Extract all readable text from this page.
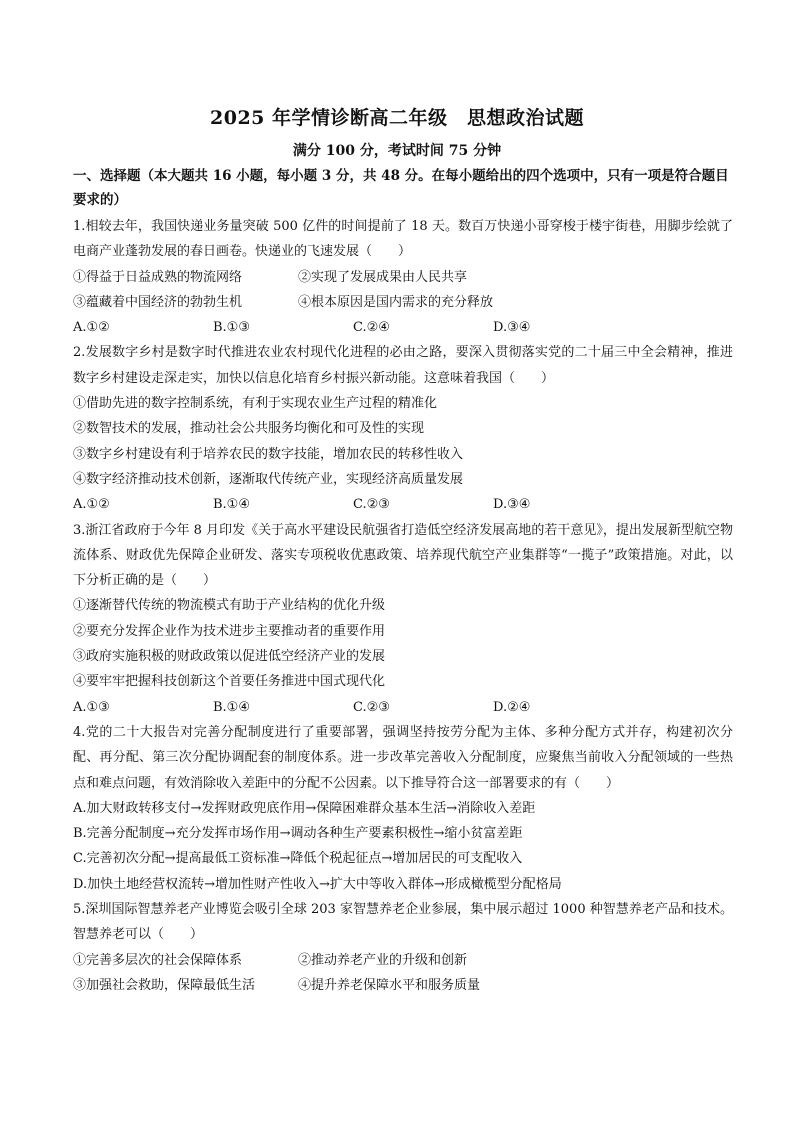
2025 年学情诊断高二年级　思想政治试题
满分 100 分，考试时间 75 分钟
一、选择题（本大题共 16 小题，每小题 3 分，共 48 分。在每小题给出的四个选项中，只有一项是符合题目要求的）
1.相较去年，我国快递业务量突破 500 亿件的时间提前了 18 天。数百万快递小哥穿梭于楼宇街巷，用脚步绘就了电商产业蓬勃发展的春日画卷。快递业的飞速发展（　　）
①得益于日益成熟的物流网络	②实现了发展成果由人民共享
③蕴藏着中国经济的勃勃生机	④根本原因是国内需求的充分释放
A.①②	B.①③	C.②④	D.③④
2.发展数字乡村是数字时代推进农业农村现代化进程的必由之路，要深入贯彻落实党的二十届三中全会精神，推进数字乡村建设走深走实，加快以信息化培育乡村振兴新动能。这意味着我国（　　）
①借助先进的数字控制系统，有利于实现农业生产过程的精准化
②数智技术的发展，推动社会公共服务均衡化和可及性的实现
③数字乡村建设有利于培养农民的数字技能，增加农民的转移性收入
④数字经济推动技术创新，逐渐取代传统产业，实现经济高质量发展
A.①②	B.①④	C.②③	D.③④
3.浙江省政府于今年 8 月印发《关于高水平建设民航强省打造低空经济发展高地的若干意见》，提出发展新型航空物流体系、财政优先保障企业研发、落实专项税收优惠政策、培养现代航空产业集群等“一揽子”政策措施。对此，以下分析正确的是（　　）
①逐渐替代传统的物流模式有助于产业结构的优化升级
②要充分发挥企业作为技术进步主要推动者的重要作用
③政府实施积极的财政政策以促进低空经济产业的发展
④要牢牢把握科技创新这个首要任务推进中国式现代化
A.①③	B.①④	C.②③	D.②④
4.党的二十大报告对完善分配制度进行了重要部署，强调坚持按劳分配为主体、多种分配方式并存，构建初次分配、再分配、第三次分配协调配套的制度体系。进一步改革完善收入分配制度，应聚焦当前收入分配领域的一些热点和难点问题，有效消除收入差距中的分配不公因素。以下推导符合这一部署要求的有（　　）
A.加大财政转移支付→发挥财政兜底作用→保障困难群众基本生活→消除收入差距
B.完善分配制度→充分发挥市场作用→调动各种生产要素积极性→缩小贫富差距
C.完善初次分配→提高最低工资标准→降低个税起征点→增加居民的可支配收入
D.加快土地经营权流转→增加性财产性收入→扩大中等收入群体→形成橄榄型分配格局
5.深圳国际智慧养老产业博览会吸引全球 203 家智慧养老企业参展，集中展示超过 1000 种智慧养老产品和技术。智慧养老可以（　　）
①完善多层次的社会保障体系	②推动养老产业的升级和创新
③加强社会救助，保障最低生活	④提升养老保障水平和服务质量
